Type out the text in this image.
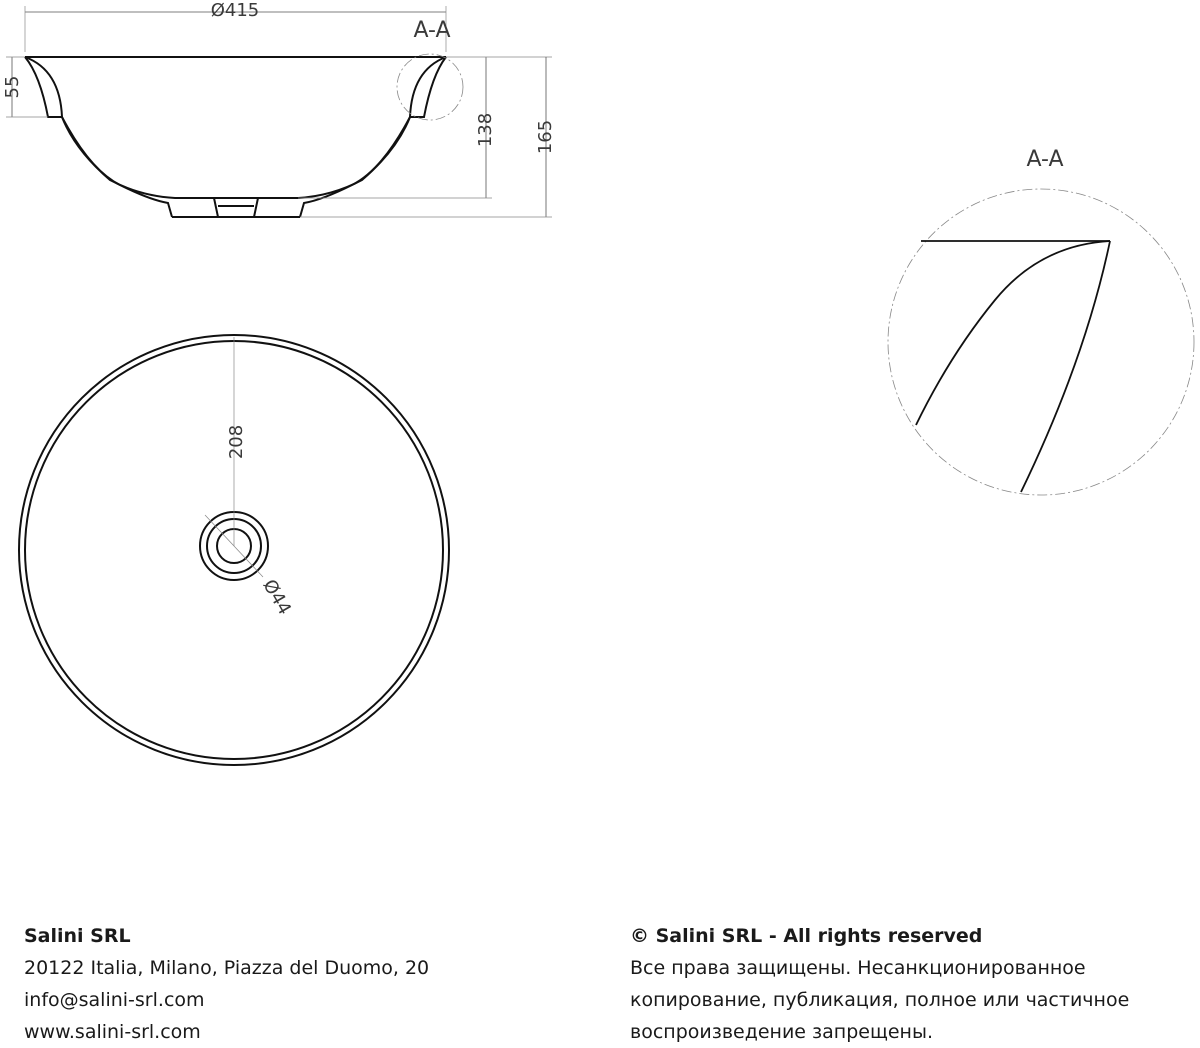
Ø415
55
138 165
A-A
208
Ø44
A-A
Salini SRL
20122 Italia, Milano, Piazza del Duomo, 20
info@salini-srl.com
www.salini-srl.com
© Salini SRL - All rights reserved
Все права защищены. Несанкционированное
копирование, публикация, полное или частичное
воспроизведение запрещены.
